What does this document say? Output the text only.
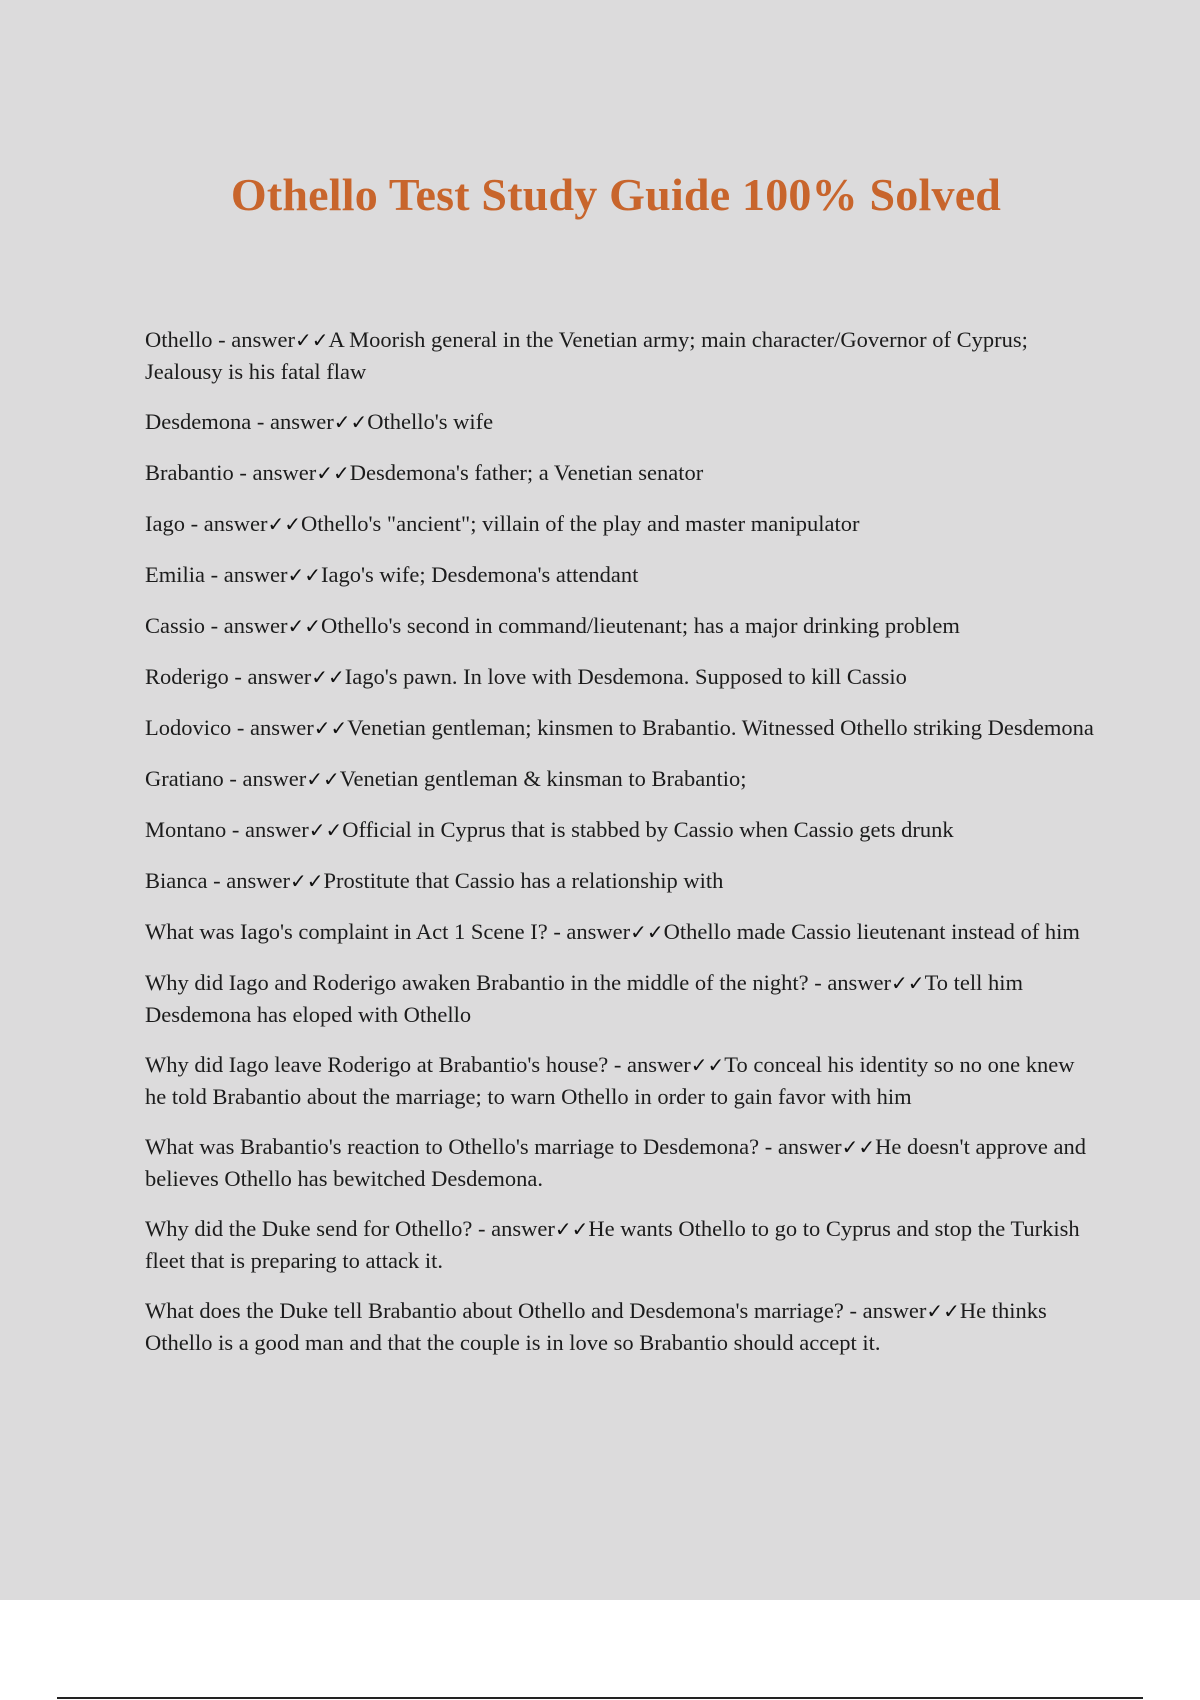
Othello Test Study Guide 100% Solved

Othello - answer✓✓A Moorish general in the Venetian army; main character/Governor of Cyprus; Jealousy is his fatal flaw

Desdemona - answer✓✓Othello's wife

Brabantio - answer✓✓Desdemona's father; a Venetian senator

Iago - answer✓✓Othello's "ancient"; villain of the play and master manipulator

Emilia - answer✓✓Iago's wife; Desdemona's attendant

Cassio - answer✓✓Othello's second in command/lieutenant; has a major drinking problem

Roderigo - answer✓✓Iago's pawn. In love with Desdemona. Supposed to kill Cassio

Lodovico - answer✓✓Venetian gentleman; kinsmen to Brabantio. Witnessed Othello striking Desdemona

Gratiano - answer✓✓Venetian gentleman & kinsman to Brabantio;

Montano - answer✓✓Official in Cyprus that is stabbed by Cassio when Cassio gets drunk

Bianca - answer✓✓Prostitute that Cassio has a relationship with

What was Iago's complaint in Act 1 Scene I? - answer✓✓Othello made Cassio lieutenant instead of him

Why did Iago and Roderigo awaken Brabantio in the middle of the night? - answer✓✓To tell him Desdemona has eloped with Othello

Why did Iago leave Roderigo at Brabantio's house? - answer✓✓To conceal his identity so no one knew he told Brabantio about the marriage; to warn Othello in order to gain favor with him

What was Brabantio's reaction to Othello's marriage to Desdemona? - answer✓✓He doesn't approve and believes Othello has bewitched Desdemona.

Why did the Duke send for Othello? - answer✓✓He wants Othello to go to Cyprus and stop the Turkish fleet that is preparing to attack it.

What does the Duke tell Brabantio about Othello and Desdemona's marriage? - answer✓✓He thinks Othello is a good man and that the couple is in love so Brabantio should accept it.
